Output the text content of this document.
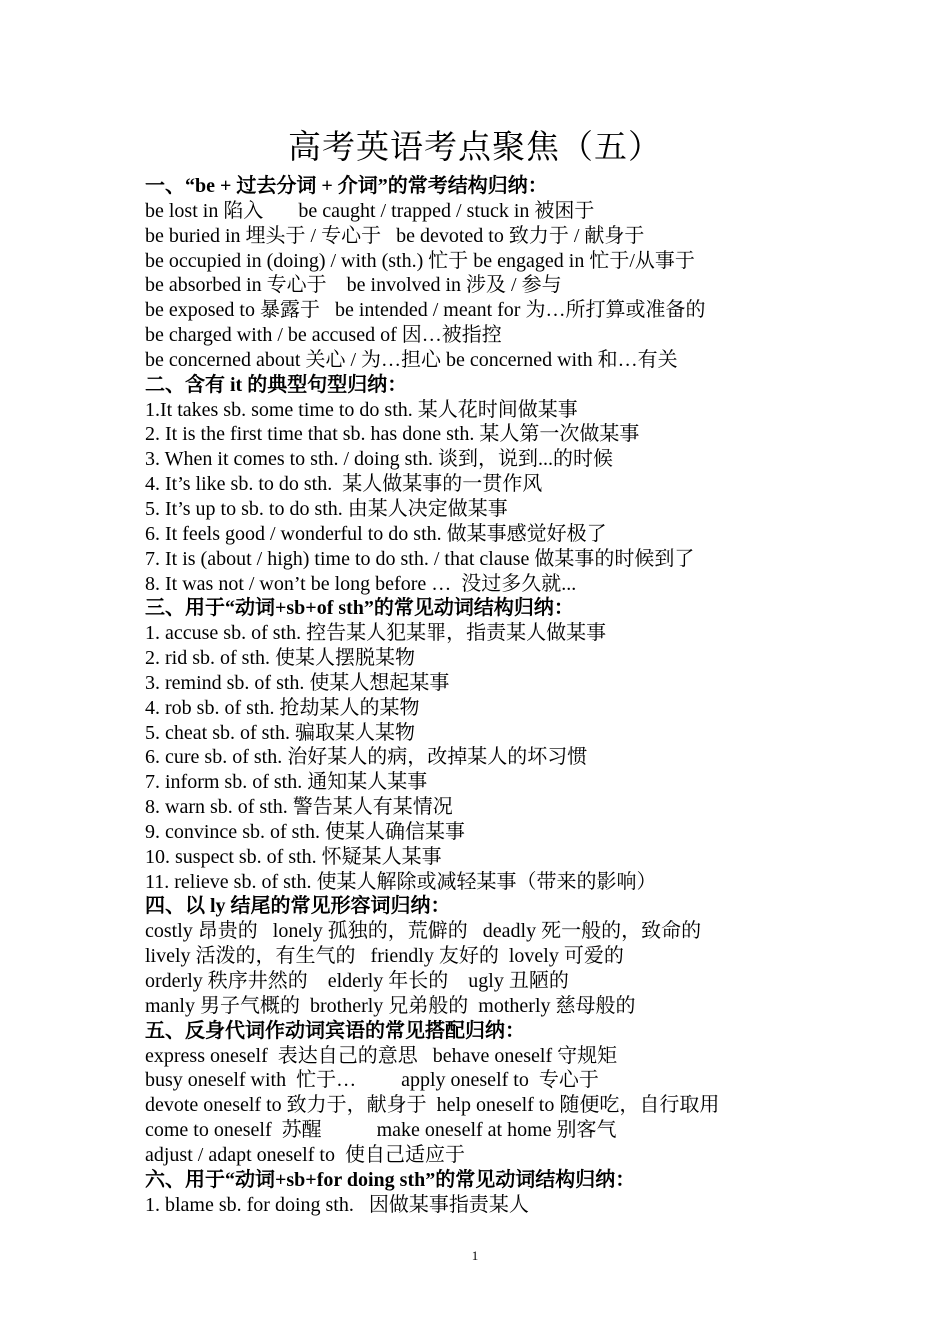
高考英语考点聚焦（五）
一、“be + 过去分词 + 介词”的常考结构归纳：
be lost in 陷入       be caught / trapped / stuck in 被困于
be buried in 埋头于 / 专心于   be devoted to 致力于 / 献身于
be occupied in (doing) / with (sth.) 忙于 be engaged in 忙于/从事于
be absorbed in 专心于    be involved in 涉及 / 参与
be exposed to 暴露于   be intended / meant for 为…所打算或准备的
be charged with / be accused of 因…被指控
be concerned about 关心 / 为…担心 be concerned with 和…有关
二、含有 it 的典型句型归纳：
1.It takes sb. some time to do sth. 某人花时间做某事
2. It is the first time that sb. has done sth. 某人第一次做某事
3. When it comes to sth. / doing sth. 谈到，说到...的时候
4. It’s like sb. to do sth.  某人做某事的一贯作风
5. It’s up to sb. to do sth. 由某人决定做某事
6. It feels good / wonderful to do sth. 做某事感觉好极了
7. It is (about / high) time to do sth. / that clause 做某事的时候到了
8. It was not / won’t be long before …  没过多久就...
三、用于“动词+sb+of sth”的常见动词结构归纳：
1. accuse sb. of sth. 控告某人犯某罪，指责某人做某事
2. rid sb. of sth. 使某人摆脱某物
3. remind sb. of sth. 使某人想起某事
4. rob sb. of sth. 抢劫某人的某物
5. cheat sb. of sth. 骗取某人某物
6. cure sb. of sth. 治好某人的病，改掉某人的坏习惯
7. inform sb. of sth. 通知某人某事
8. warn sb. of sth. 警告某人有某情况
9. convince sb. of sth. 使某人确信某事
10. suspect sb. of sth. 怀疑某人某事
11. relieve sb. of sth. 使某人解除或减轻某事（带来的影响）
四、以 ly 结尾的常见形容词归纳：
costly 昂贵的   lonely 孤独的，荒僻的   deadly 死一般的，致命的
lively 活泼的，有生气的   friendly 友好的  lovely 可爱的
orderly 秩序井然的    elderly 年长的    ugly 丑陋的
manly 男子气概的  brotherly 兄弟般的  motherly 慈母般的
五、反身代词作动词宾语的常见搭配归纳：
express oneself  表达自己的意思   behave oneself 守规矩
busy oneself with  忙于…         apply oneself to  专心于
devote oneself to 致力于，献身于  help oneself to 随便吃，自行取用
come to oneself  苏醒           make oneself at home 别客气
adjust / adapt oneself to  使自己适应于
六、用于“动词+sb+for doing sth”的常见动词结构归纳：
1. blame sb. for doing sth.   因做某事指责某人
1
